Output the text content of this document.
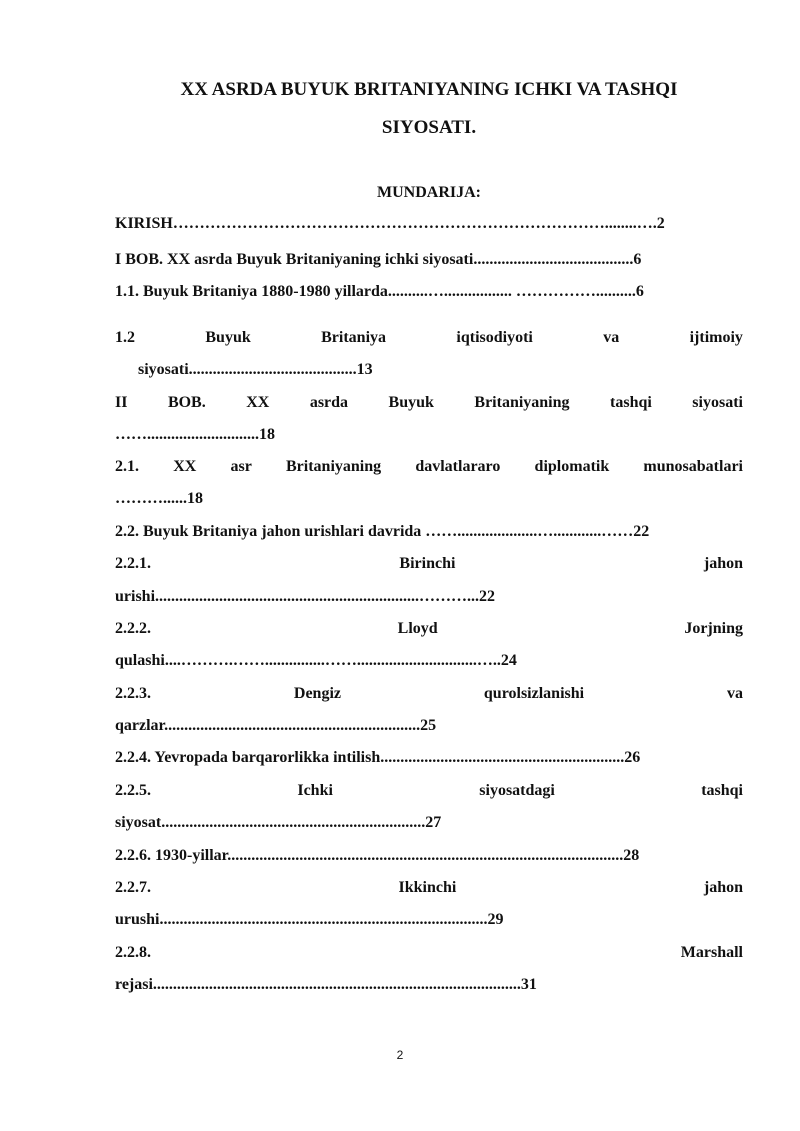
XX ASRDA BUYUK BRITANIYANING ICHKI VA TASHQI
SIYOSATI.
MUNDARIJA:
KIRISH………………………………………………………………………........….2
I BOB. XX asrda Buyuk Britaniyaning ichki siyosati........................................6
1.1. Buyuk Britaniya 1880-1980 yillarda..........…................. ……………..........6
1.2	Buyuk	Britaniya	iqtisodiyoti	va	ijtimoiy
siyosati..........................................13
II	BOB.	XX	asrda	Buyuk	Britaniyaning	tashqi	siyosati
……............................18
2.1. XX asr Britaniyaning davlatlararo diplomatik munosabatlari
………......18
2.2. Buyuk Britaniya jahon urishlari davrida ……....................…............……22
2.2.1.	Birinchi	jahon
urishi..................................................................………...22
2.2.2.	Lloyd	Jorjning
qulashi....……….……...............……..............................…..24
2.2.3.	Dengiz	qurolsizlanishi	va
qarzlar................................................................25
2.2.4. Yevropada barqarorlikka intilish.............................................................26
2.2.5.	Ichki	siyosatdagi	tashqi
siyosat..................................................................27
2.2.6. 1930-yillar...................................................................................................28
2.2.7.	Ikkinchi	jahon
urushi..................................................................................29
2.2.8.	Marshall
rejasi............................................................................................31
2
